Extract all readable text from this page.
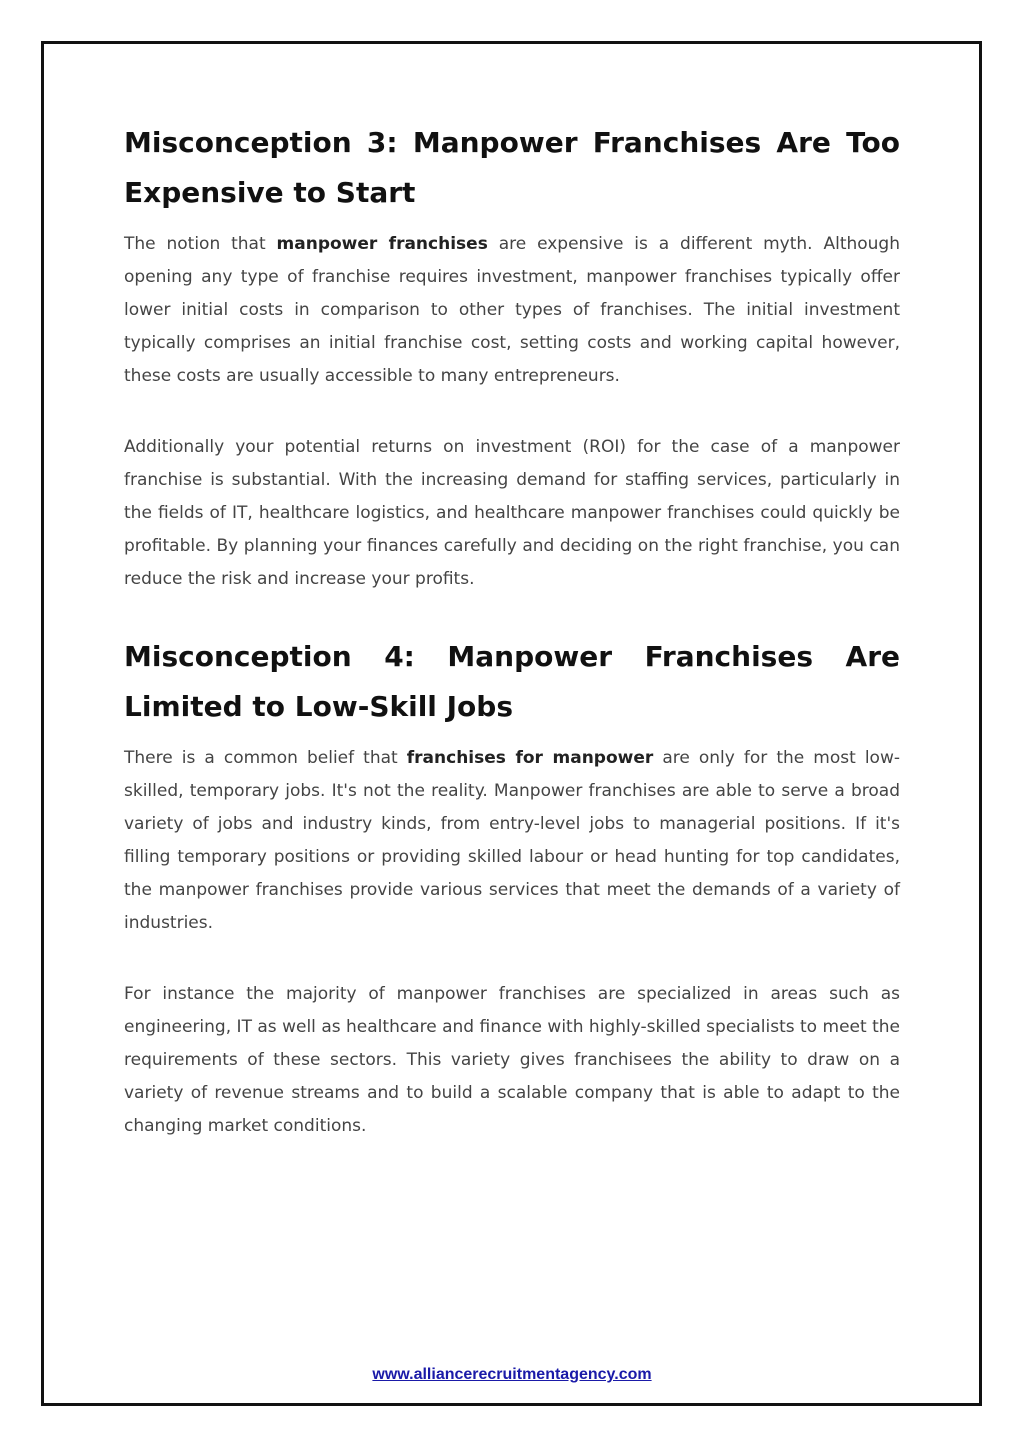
Misconception 3: Manpower Franchises Are Too Expensive to Start

The notion that manpower franchises are expensive is a different myth. Although opening any type of franchise requires investment, manpower franchises typically offer lower initial costs in comparison to other types of franchises. The initial investment typically comprises an initial franchise cost, setting costs and working capital however, these costs are usually accessible to many entrepreneurs.

Additionally your potential returns on investment (ROI) for the case of a manpower franchise is substantial. With the increasing demand for staffing services, particularly in the fields of IT, healthcare logistics, and healthcare manpower franchises could quickly be profitable. By planning your finances carefully and deciding on the right franchise, you can reduce the risk and increase your profits.

Misconception 4: Manpower Franchises Are Limited to Low-Skill Jobs

There is a common belief that franchises for manpower are only for the most low-skilled, temporary jobs. It's not the reality. Manpower franchises are able to serve a broad variety of jobs and industry kinds, from entry-level jobs to managerial positions. If it's filling temporary positions or providing skilled labour or head hunting for top candidates, the manpower franchises provide various services that meet the demands of a variety of industries.

For instance the majority of manpower franchises are specialized in areas such as engineering, IT as well as healthcare and finance with highly-skilled specialists to meet the requirements of these sectors. This variety gives franchisees the ability to draw on a variety of revenue streams and to build a scalable company that is able to adapt to the changing market conditions.

www.alliancerecruitmentagency.com
